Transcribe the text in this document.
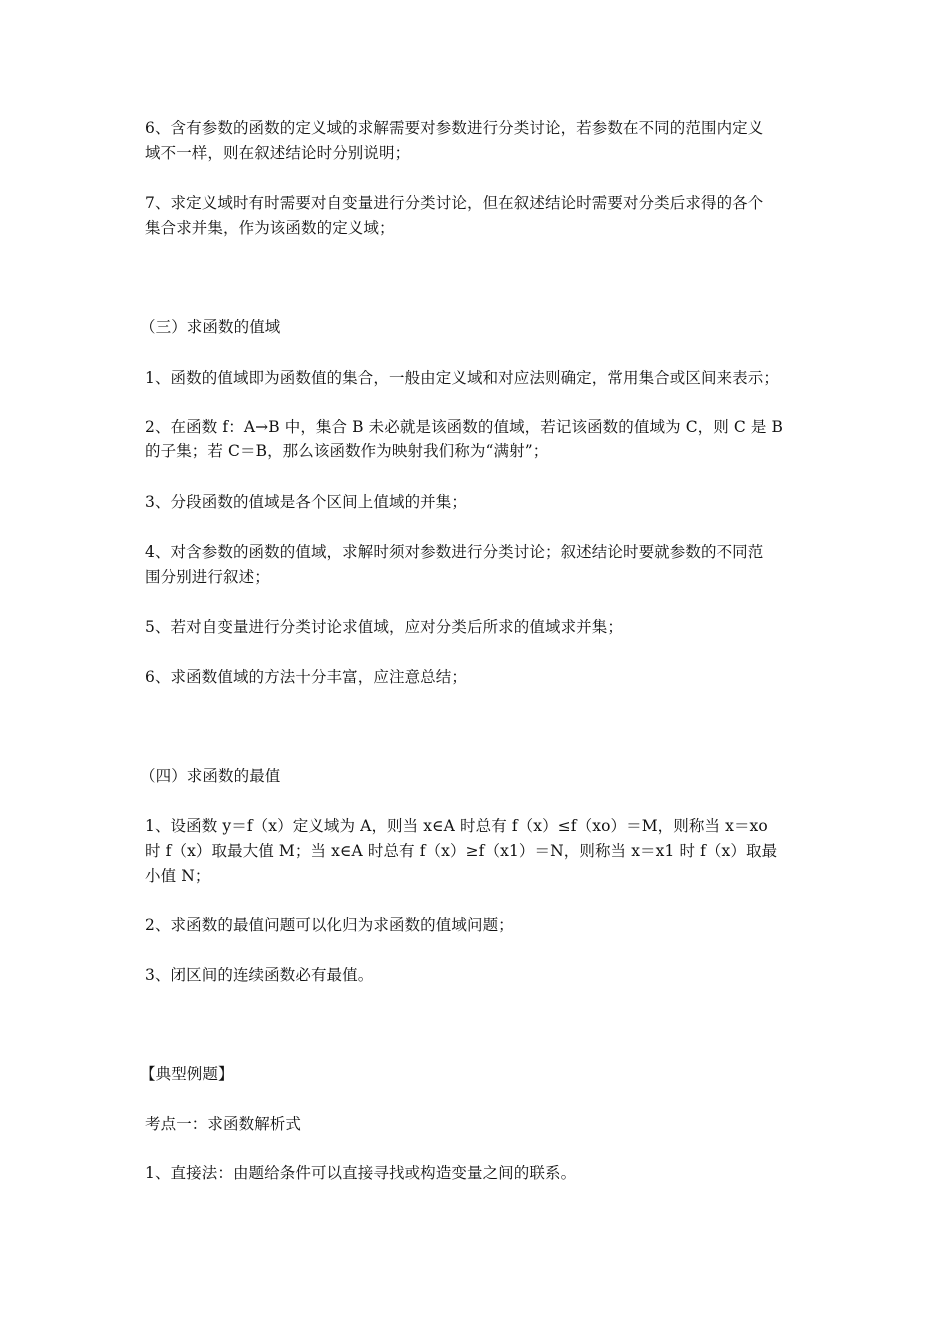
6、含有参数的函数的定义域的求解需要对参数进行分类讨论，若参数在不同的范围内定义
域不一样，则在叙述结论时分别说明；
7、求定义域时有时需要对自变量进行分类讨论，但在叙述结论时需要对分类后求得的各个
集合求并集，作为该函数的定义域；
（三）求函数的值域
1、函数的值域即为函数值的集合，一般由定义域和对应法则确定，常用集合或区间来表示；
2、在函数 f：A→B 中，集合 B 未必就是该函数的值域，若记该函数的值域为 C，则 C 是 B
的子集；若 C＝B，那么该函数作为映射我们称为“满射”；
3、分段函数的值域是各个区间上值域的并集；
4、对含参数的函数的值域，求解时须对参数进行分类讨论；叙述结论时要就参数的不同范
围分别进行叙述；
5、若对自变量进行分类讨论求值域，应对分类后所求的值域求并集；
6、求函数值域的方法十分丰富，应注意总结；
（四）求函数的最值
1、设函数 y＝f（x）定义域为 A，则当 x∈A 时总有 f（x）≤f（xo）＝M，则称当 x＝xo
时 f（x）取最大值 M；当 x∈A 时总有 f（x）≥f（x1）＝N，则称当 x＝x1 时 f（x）取最
小值 N；
2、求函数的最值问题可以化归为求函数的值域问题；
3、闭区间的连续函数必有最值。
【典型例题】
考点一：求函数解析式
1、直接法：由题给条件可以直接寻找或构造变量之间的联系。
